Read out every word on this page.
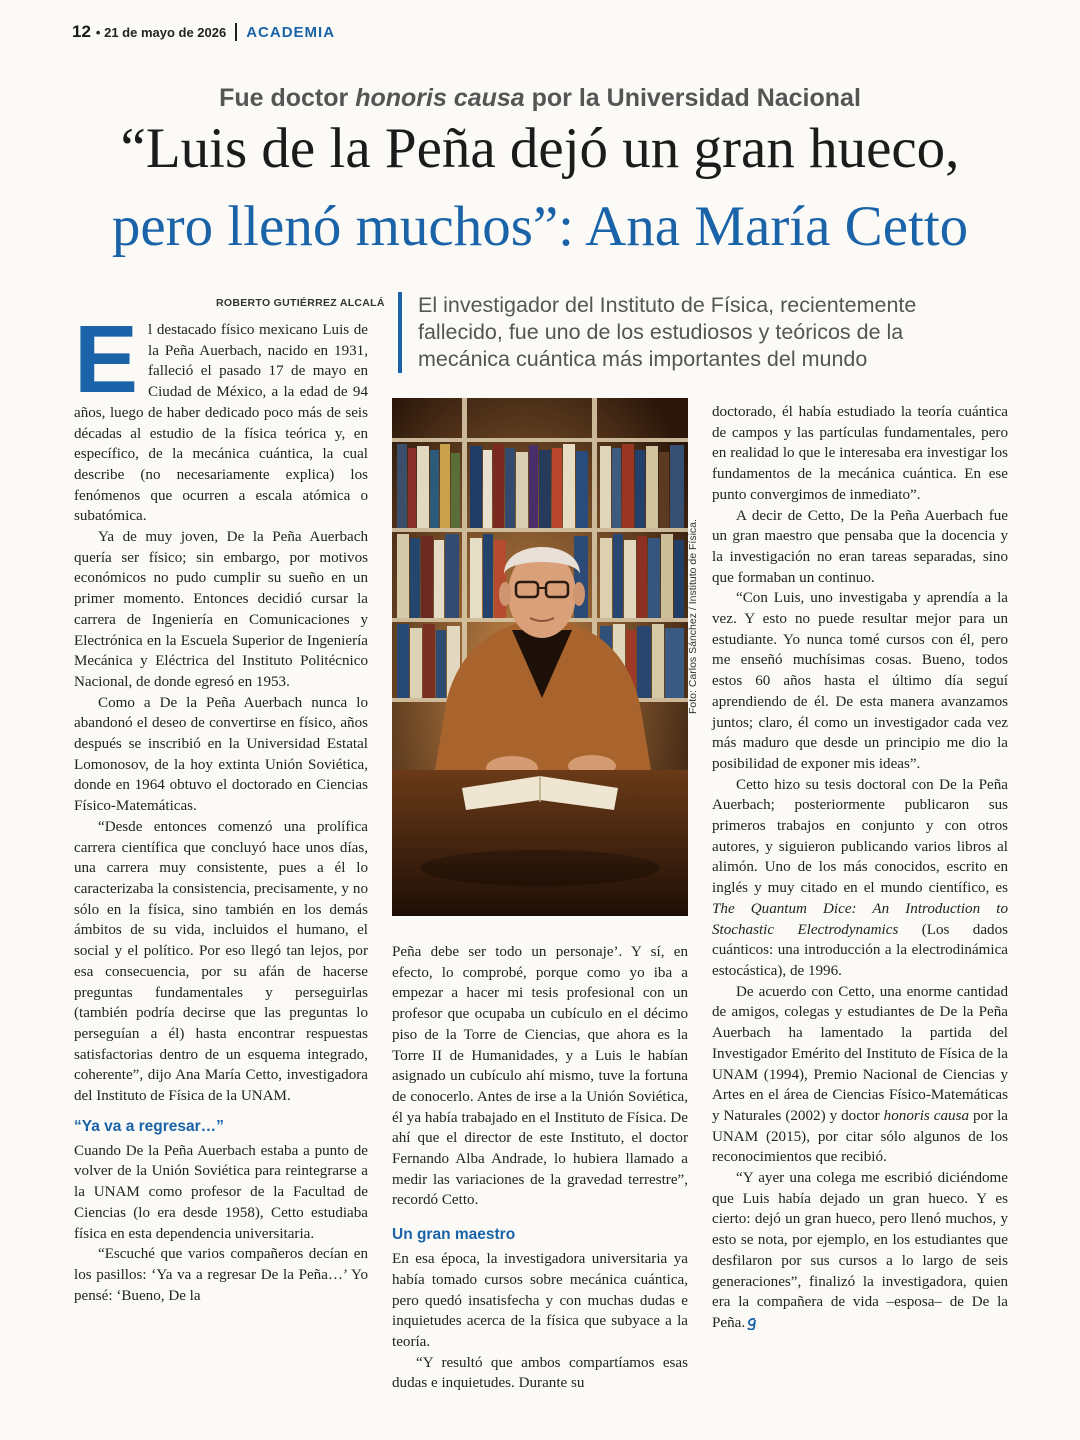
12 • 21 de mayo de 2026 ACADEMIA
Fue doctor honoris causa por la Universidad Nacional
“Luis de la Peña dejó un gran hueco,
pero llenó muchos”: Ana María Cetto
ROBERTO GUTIÉRREZ ALCALÁ	El investigador del Instituto de Física, recientemente fallecido, fue uno de los estudiosos y teóricos de la mecánica cuántica más importantes del mundo
Foto: Carlos Sánchez / Instituto de Física.

El destacado físico mexicano Luis de la Peña Auerbach, nacido en 1931, falleció el pasado 17 de mayo en Ciudad de México, a la edad de 94 años, luego de haber dedicado poco más de seis décadas al estudio de la física teórica y, en específico, de la mecánica cuántica, la cual describe (no necesariamente explica) los fenómenos que ocurren a escala atómica o subatómica.

Ya de muy joven, De la Peña Auerbach quería ser físico; sin embargo, por motivos económicos no pudo cumplir su sueño en un primer momento. Entonces decidió cursar la carrera de Ingeniería en Comunicaciones y Electrónica en la Escuela Superior de Ingeniería Mecánica y Eléctrica del Instituto Politécnico Nacional, de donde egresó en 1953.

Como a De la Peña Auerbach nunca lo abandonó el deseo de convertirse en físico, años después se inscribió en la Universidad Estatal Lomonosov, de la hoy extinta Unión Soviética, donde en 1964 obtuvo el doctorado en Ciencias Físico-Matemáticas.

“Desde entonces comenzó una prolífica carrera científica que concluyó hace unos días, una carrera muy consistente, pues a él lo caracterizaba la consistencia, precisamente, y no sólo en la física, sino también en los demás ámbitos de su vida, incluidos el humano, el social y el político. Por eso llegó tan lejos, por esa consecuencia, por su afán de hacerse preguntas fundamentales y perseguirlas (también podría decirse que las preguntas lo perseguían a él) hasta encontrar respuestas satisfactorias dentro de un esquema integrado, coherente”, dijo Ana María Cetto, investigadora del Instituto de Física de la UNAM.

“Ya va a regresar…”

Cuando De la Peña Auerbach estaba a punto de volver de la Unión Soviética para reintegrarse a la UNAM como profesor de la Facultad de Ciencias (lo era desde 1958), Cetto estudiaba física en esta dependencia universitaria.

“Escuché que varios compañeros decían en los pasillos: ‘Ya va a regresar De la Peña…’ Yo pensé: ‘Bueno, De la

Peña debe ser todo un personaje’. Y sí, en efecto, lo comprobé, porque como yo iba a empezar a hacer mi tesis profesional con un profesor que ocupaba un cubículo en el décimo piso de la Torre de Ciencias, que ahora es la Torre II de Humanidades, y a Luis le habían asignado un cubículo ahí mismo, tuve la fortuna de conocerlo. Antes de irse a la Unión Soviética, él ya había trabajado en el Instituto de Física. De ahí que el director de este Instituto, el doctor Fernando Alba Andrade, lo hubiera llamado a medir las variaciones de la gravedad terrestre”, recordó Cetto.

Un gran maestro

En esa época, la investigadora universitaria ya había tomado cursos sobre mecánica cuántica, pero quedó insatisfecha y con muchas dudas e inquietudes acerca de la física que subyace a la teoría.

“Y resultó que ambos compartíamos esas dudas e inquietudes. Durante su

doctorado, él había estudiado la teoría cuántica de campos y las partículas fundamentales, pero en realidad lo que le interesaba era investigar los fundamentos de la mecánica cuántica. En ese punto convergimos de inmediato”.

A decir de Cetto, De la Peña Auerbach fue un gran maestro que pensaba que la docencia y la investigación no eran tareas separadas, sino que formaban un continuo.

“Con Luis, uno investigaba y aprendía a la vez. Y esto no puede resultar mejor para un estudiante. Yo nunca tomé cursos con él, pero me enseñó muchísimas cosas. Bueno, todos estos 60 años hasta el último día seguí aprendiendo de él. De esta manera avanzamos juntos; claro, él como un investigador cada vez más maduro que desde un principio me dio la posibilidad de exponer mis ideas”.

Cetto hizo su tesis doctoral con De la Peña Auerbach; posteriormente publicaron sus primeros trabajos en conjunto y con otros autores, y siguieron publicando varios libros al alimón. Uno de los más conocidos, escrito en inglés y muy citado en el mundo científico, es The Quantum Dice: An Introduction to Stochastic Electrodynamics (Los dados cuánticos: una introducción a la electrodinámica estocástica), de 1996.

De acuerdo con Cetto, una enorme cantidad de amigos, colegas y estudiantes de De la Peña Auerbach ha lamentado la partida del Investigador Emérito del Instituto de Física de la UNAM (1994), Premio Nacional de Ciencias y Artes en el área de Ciencias Físico-Matemáticas y Naturales (2002) y doctor honoris causa por la UNAM (2015), por citar sólo algunos de los reconocimientos que recibió.

“Y ayer una colega me escribió diciéndome que Luis había dejado un gran hueco. Y es cierto: dejó un gran hueco, pero llenó muchos, y esto se nota, por ejemplo, en los estudiantes que desfilaron por sus cursos a lo largo de seis generaciones”, finalizó la investigadora, quien era la compañera de vida –esposa– de De la Peña.
